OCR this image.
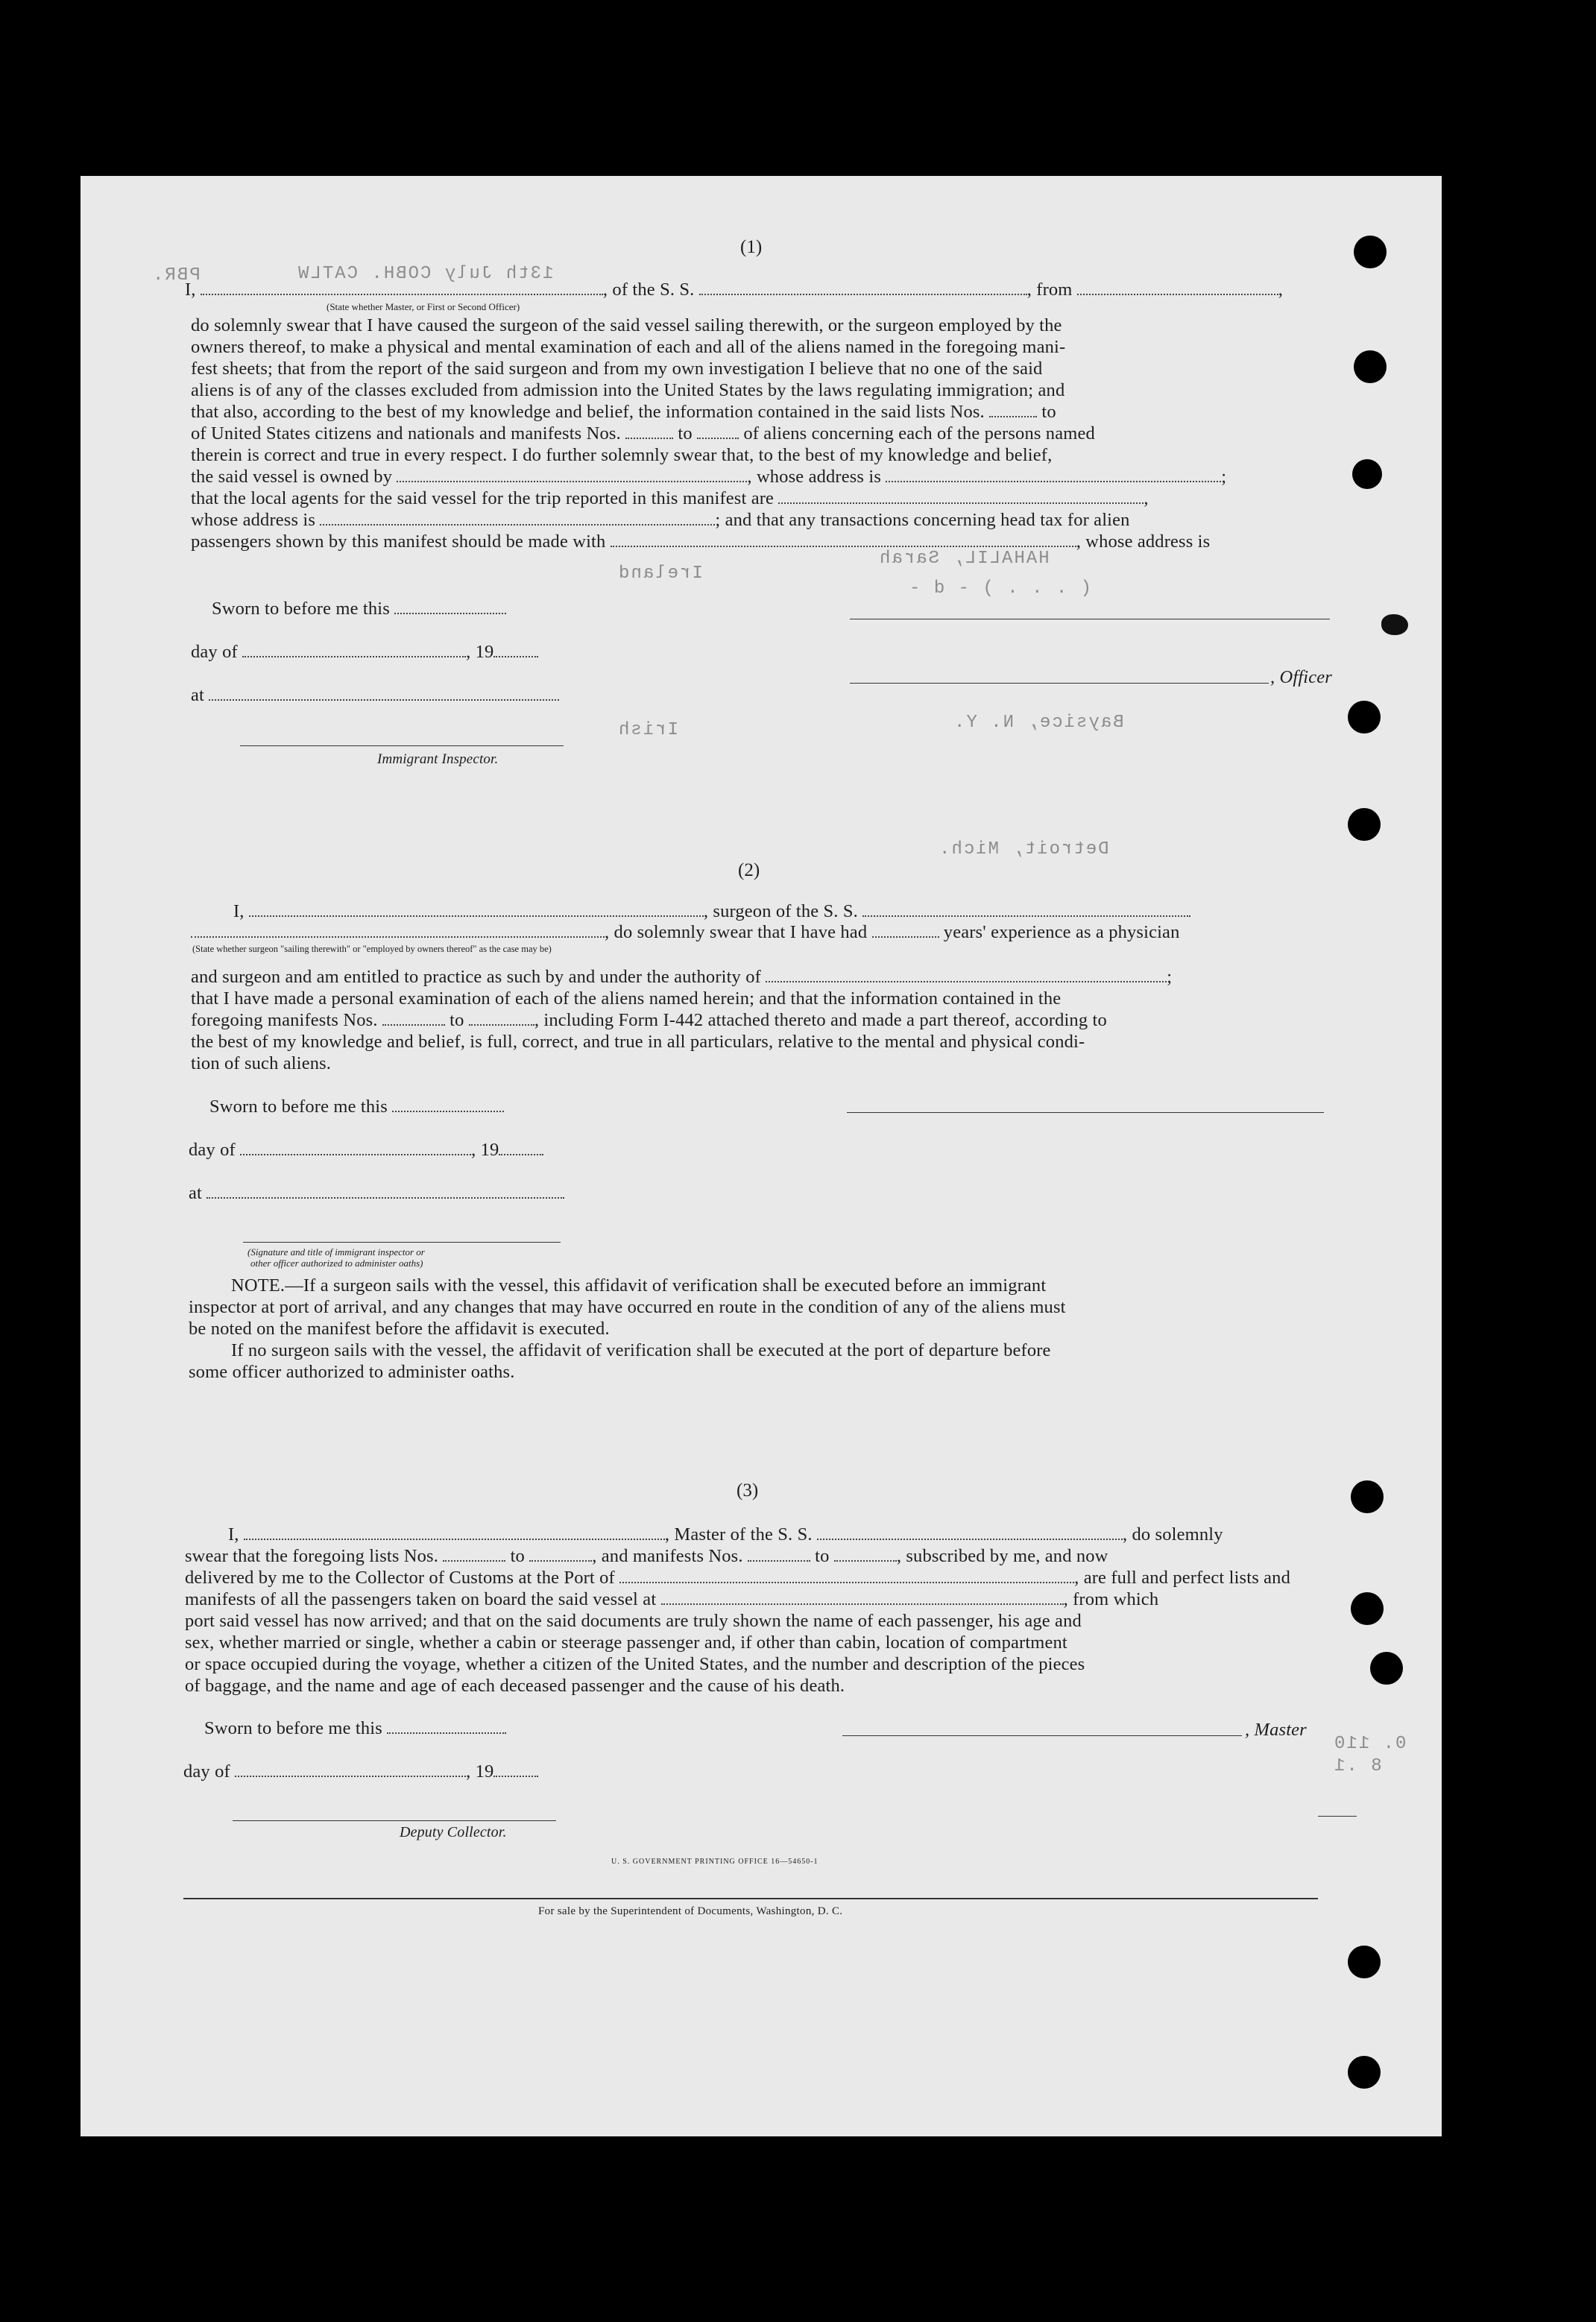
PBR.	13th July COBH. CATLW
HAHALIL, Sarah
( . . . ) - d -
Baysice, N. Y.
Detroit, Mich.
Ireland
Irish
0. 110
8 .1
(1)
I,	, of the S. S.	, from	,
(State whether Master, or First or Second Officer)
do solemnly swear that I have caused the surgeon of the said vessel sailing therewith, or the surgeon employed by the
owners thereof, to make a physical and mental examination of each and all of the aliens named in the foregoing mani-
fest sheets; that from the report of the said surgeon and from my own investigation I believe that no one of the said
aliens is of any of the classes excluded from admission into the United States by the laws regulating immigration; and
that also, according to the best of my knowledge and belief, the information contained in the said lists Nos.	to
of United States citizens and nationals and manifests Nos.	to	of aliens concerning each of the persons named
therein is correct and true in every respect. I do further solemnly swear that, to the best of my knowledge and belief,
the said vessel is owned by	, whose address is	;
that the local agents for the said vessel for the trip reported in this manifest are	,
whose address is	; and that any transactions concerning head tax for alien
passengers shown by this manifest should be made with	, whose address is
Sworn to before me this
day of	, 19
at
Immigrant Inspector.
, Officer
(2)
I,	, surgeon of the S. S.
, do solemnly swear that I have had	years' experience as a physician
(State whether surgeon "sailing therewith" or "employed by owners thereof" as the case may be)
and surgeon and am entitled to practice as such by and under the authority of	;
that I have made a personal examination of each of the aliens named herein; and that the information contained in the
foregoing manifests Nos.	to	, including Form I-442 attached thereto and made a part thereof, according to
the best of my knowledge and belief, is full, correct, and true in all particulars, relative to the mental and physical condi-
tion of such aliens.
Sworn to before me this
day of	, 19
at
(Signature and title of immigrant inspector or
other officer authorized to administer oaths)
NOTE.—If a surgeon sails with the vessel, this affidavit of verification shall be executed before an immigrant
inspector at port of arrival, and any changes that may have occurred en route in the condition of any of the aliens must
be noted on the manifest before the affidavit is executed.
If no surgeon sails with the vessel, the affidavit of verification shall be executed at the port of departure before
some officer authorized to administer oaths.
(3)
I,	, Master of the S. S.	, do solemnly
swear that the foregoing lists Nos.	to	, and manifests Nos.	to	, subscribed by me, and now
delivered by me to the Collector of Customs at the Port of	, are full and perfect lists and
manifests of all the passengers taken on board the said vessel at	, from which
port said vessel has now arrived; and that on the said documents are truly shown the name of each passenger, his age and
sex, whether married or single, whether a cabin or steerage passenger and, if other than cabin, location of compartment
or space occupied during the voyage, whether a citizen of the United States, and the number and description of the pieces
of baggage, and the name and age of each deceased passenger and the cause of his death.
Sworn to before me this	, Master
day of	, 19
Deputy Collector.
U. S. GOVERNMENT PRINTING OFFICE 16—54650-1
For sale by the Superintendent of Documents, Washington, D. C.
